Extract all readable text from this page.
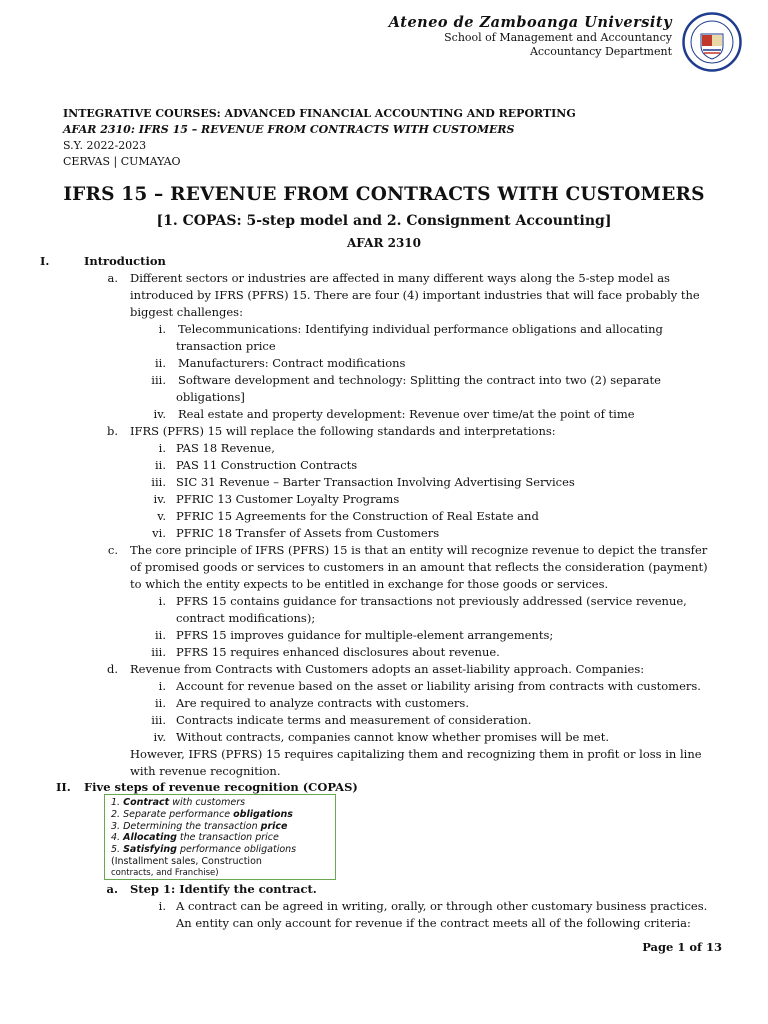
Ateneo de Zamboanga University
School of Management and Accountancy
Accountancy Department
INTEGRATIVE COURSES: ADVANCED FINANCIAL ACCOUNTING AND REPORTING
AFAR 2310: IFRS 15 – REVENUE FROM CONTRACTS WITH CUSTOMERS
S.Y. 2022-2023
CERVAS | CUMAYAO
IFRS 15 – REVENUE FROM CONTRACTS WITH CUSTOMERS
[1. COPAS: 5-step model and 2. Consignment Accounting]
AFAR 2310
I.	Introduction
a. Different sectors or industries are affected in many different ways along the 5-step model as
introduced by IFRS (PFRS) 15. There are four (4) important industries that will face probably the
biggest challenges:
i. Telecommunications: Identifying individual performance obligations and allocating
transaction price
ii. Manufacturers: Contract modifications
iii. Software development and technology: Splitting the contract into two (2) separate
obligations]
iv. Real estate and property development: Revenue over time/at the point of time
b. IFRS (PFRS) 15 will replace the following standards and interpretations:
i. PAS 18 Revenue,
ii. PAS 11 Construction Contracts
iii. SIC 31 Revenue – Barter Transaction Involving Advertising Services
iv. PFRIC 13 Customer Loyalty Programs
v. PFRIC 15 Agreements for the Construction of Real Estate and
vi. PFRIC 18 Transfer of Assets from Customers
c. The core principle of IFRS (PFRS) 15 is that an entity will recognize revenue to depict the transfer
of promised goods or services to customers in an amount that reflects the consideration (payment)
to which the entity expects to be entitled in exchange for those goods or services.
i. PFRS 15 contains guidance for transactions not previously addressed (service revenue,
contract modifications);
ii. PFRS 15 improves guidance for multiple-element arrangements;
iii. PFRS 15 requires enhanced disclosures about revenue.
d. Revenue from Contracts with Customers adopts an asset-liability approach. Companies:
i. Account for revenue based on the asset or liability arising from contracts with customers.
ii. Are required to analyze contracts with customers.
iii. Contracts indicate terms and measurement of consideration.
iv. Without contracts, companies cannot know whether promises will be met.
However, IFRS (PFRS) 15 requires capitalizing them and recognizing them in profit or loss in line
with revenue recognition.
II.	Five steps of revenue recognition (COPAS)
1. Contract with customers
2. Separate performance obligations
3. Determining the transaction price
4. Allocating the transaction price
5. Satisfying performance obligations
(Installment sales, Construction
contracts, and Franchise)
a. Step 1: Identify the contract.
i. A contract can be agreed in writing, orally, or through other customary business practices.
An entity can only account for revenue if the contract meets all of the following criteria:
Page 1 of 13
